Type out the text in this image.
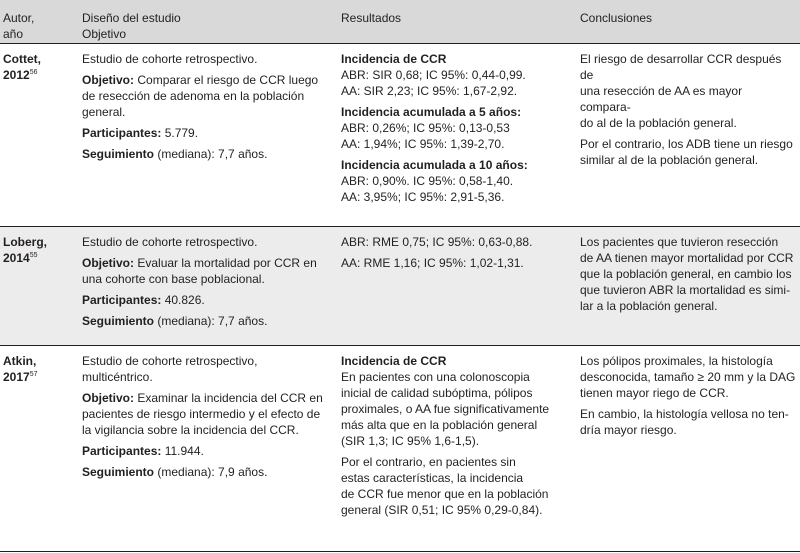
Autor,
año
Diseño del estudio
Objetivo
Resultados	Conclusiones
Cottet,
2012$^{56}$

Estudio de cohorte retrospectivo.

Objetivo: Comparar el riesgo de CCR luego
de resección de adenoma en la población
general.

Participantes: 5.779.

Seguimiento (mediana): 7,7 años.

Incidencia de CCR
ABR: SIR 0,68; IC 95%: 0,44-0,99.
AA: SIR 2,23; IC 95%: 1,67-2,92.

Incidencia acumulada a 5 años:
ABR: 0,26%; IC 95%: 0,13-0,53
AA: 1,94%; IC 95%: 1,39-2,70.

Incidencia acumulada a 10 años:
ABR: 0,90%. IC 95%: 0,58-1,40.
AA: 3,95%; IC 95%: 2,91-5,36.

El riesgo de desarrollar CCR después de
una resección de AA es mayor compara-
do al de la población general.

Por el contrario, los ADB tiene un riesgo
similar al de la población general.

Loberg,
2014$^{55}$

Estudio de cohorte retrospectivo.

Objetivo: Evaluar la mortalidad por CCR en
una cohorte con base poblacional.

Participantes: 40.826.

Seguimiento (mediana): 7,7 años.

ABR: RME 0,75; IC 95%: 0,63-0,88.

AA: RME 1,16; IC 95%: 1,02-1,31.

Los pacientes que tuvieron resección
de AA tienen mayor mortalidad por CCR
que la población general, en cambio los
que tuvieron ABR la mortalidad es simi-
lar a la población general.

Atkin,
2017$^{57}$

Estudio de cohorte retrospectivo,
multicéntrico.

Objetivo: Examinar la incidencia del CCR en
pacientes de riesgo intermedio y el efecto de
la vigilancia sobre la incidencia del CCR.

Participantes: 11.944.

Seguimiento (mediana): 7,9 años.

Incidencia de CCR
En pacientes con una colonoscopia
inicial de calidad subóptima, pólipos
proximales, o AA fue significativamente
más alta que en la población general
(SIR 1,3; IC 95% 1,6-1,5).

Por el contrario, en pacientes sin
estas características, la incidencia
de CCR fue menor que en la población
general (SIR 0,51; IC 95% 0,29-0,84).

Los pólipos proximales, la histología
desconocida, tamaño ≥ 20 mm y la DAG
tienen mayor riego de CCR.

En cambio, la histología vellosa no ten-
dría mayor riesgo.
